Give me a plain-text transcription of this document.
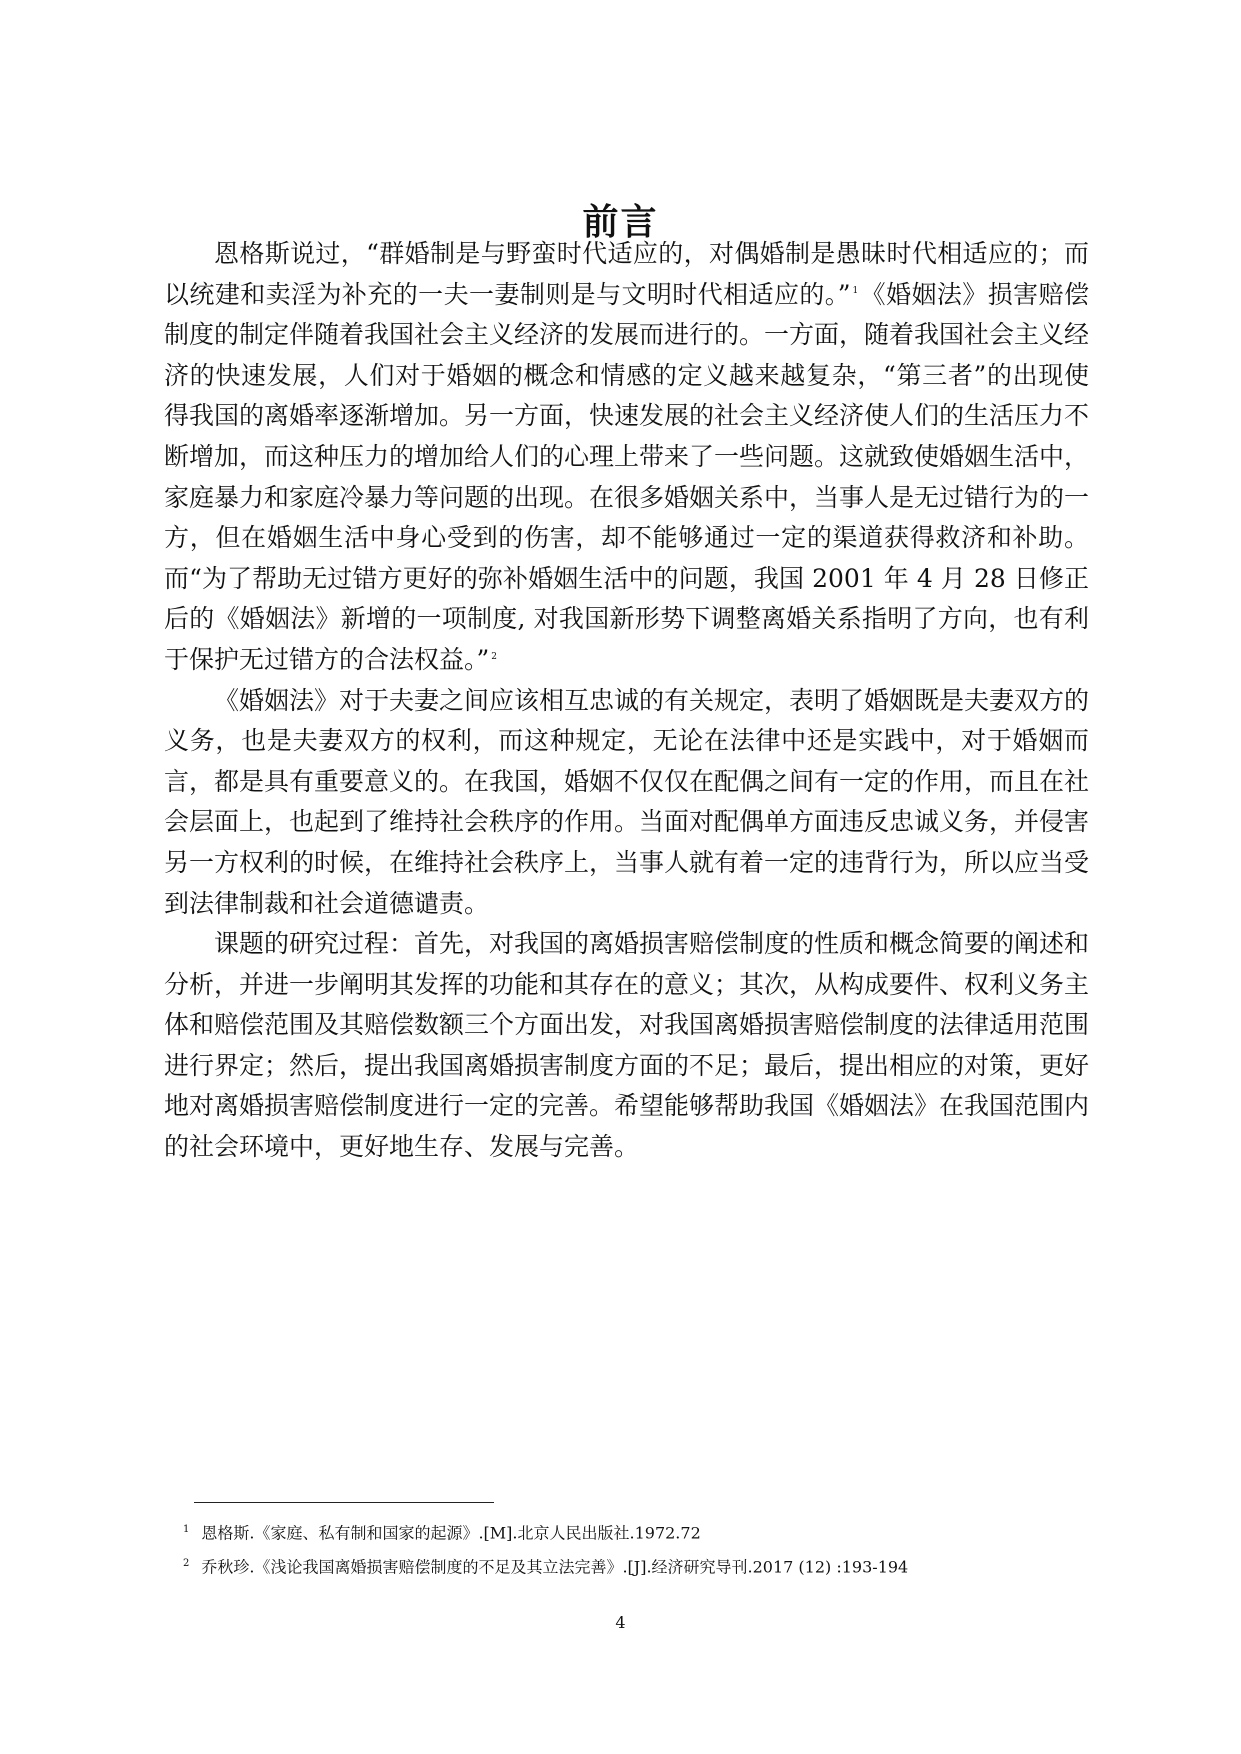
前言

恩格斯说过，“群婚制是与野蛮时代适应的，对偶婚制是愚昧时代相适应的；而以统建和卖淫为补充的一夫一妻制则是与文明时代相适应的。” $^1$《婚姻法》损害赔偿制度的制定伴随着我国社会主义经济的发展而进行的。一方面，随着我国社会主义经济的快速发展，人们对于婚姻的概念和情感的定义越来越复杂，“第三者”的出现使得我国的离婚率逐渐增加。另一方面，快速发展的社会主义经济使人们的生活压力不断增加，而这种压力的增加给人们的心理上带来了一些问题。这就致使婚姻生活中，家庭暴力和家庭冷暴力等问题的出现。在很多婚姻关系中，当事人是无过错行为的一方，但在婚姻生活中身心受到的伤害，却不能够通过一定的渠道获得救济和补助。而“为了帮助无过错方更好的弥补婚姻生活中的问题，我国 2001 年 4 月 28 日修正后的《婚姻法》新增的一项制度, 对我国新形势下调整离婚关系指明了方向，也有利于保护无过错方的合法权益。” $^2$

《婚姻法》对于夫妻之间应该相互忠诚的有关规定，表明了婚姻既是夫妻双方的义务，也是夫妻双方的权利，而这种规定，无论在法律中还是实践中，对于婚姻而言，都是具有重要意义的。在我国，婚姻不仅仅在配偶之间有一定的作用，而且在社会层面上，也起到了维持社会秩序的作用。当面对配偶单方面违反忠诚义务，并侵害另一方权利的时候，在维持社会秩序上，当事人就有着一定的违背行为，所以应当受到法律制裁和社会道德谴责。

课题的研究过程：首先，对我国的离婚损害赔偿制度的性质和概念简要的阐述和分析，并进一步阐明其发挥的功能和其存在的意义；其次，从构成要件、权利义务主体和赔偿范围及其赔偿数额三个方面出发，对我国离婚损害赔偿制度的法律适用范围进行界定；然后，提出我国离婚损害制度方面的不足；最后，提出相应的对策，更好地对离婚损害赔偿制度进行一定的完善。希望能够帮助我国《婚姻法》在我国范围内的社会环境中，更好地生存、发展与完善。

$^1$ 恩格斯.《家庭、私有制和国家的起源》.[M].北京人民出版社.1972.72
$^2$ 乔秋珍.《浅论我国离婚损害赔偿制度的不足及其立法完善》.[J].经济研究导刊.2017 (12) :193-194
4
